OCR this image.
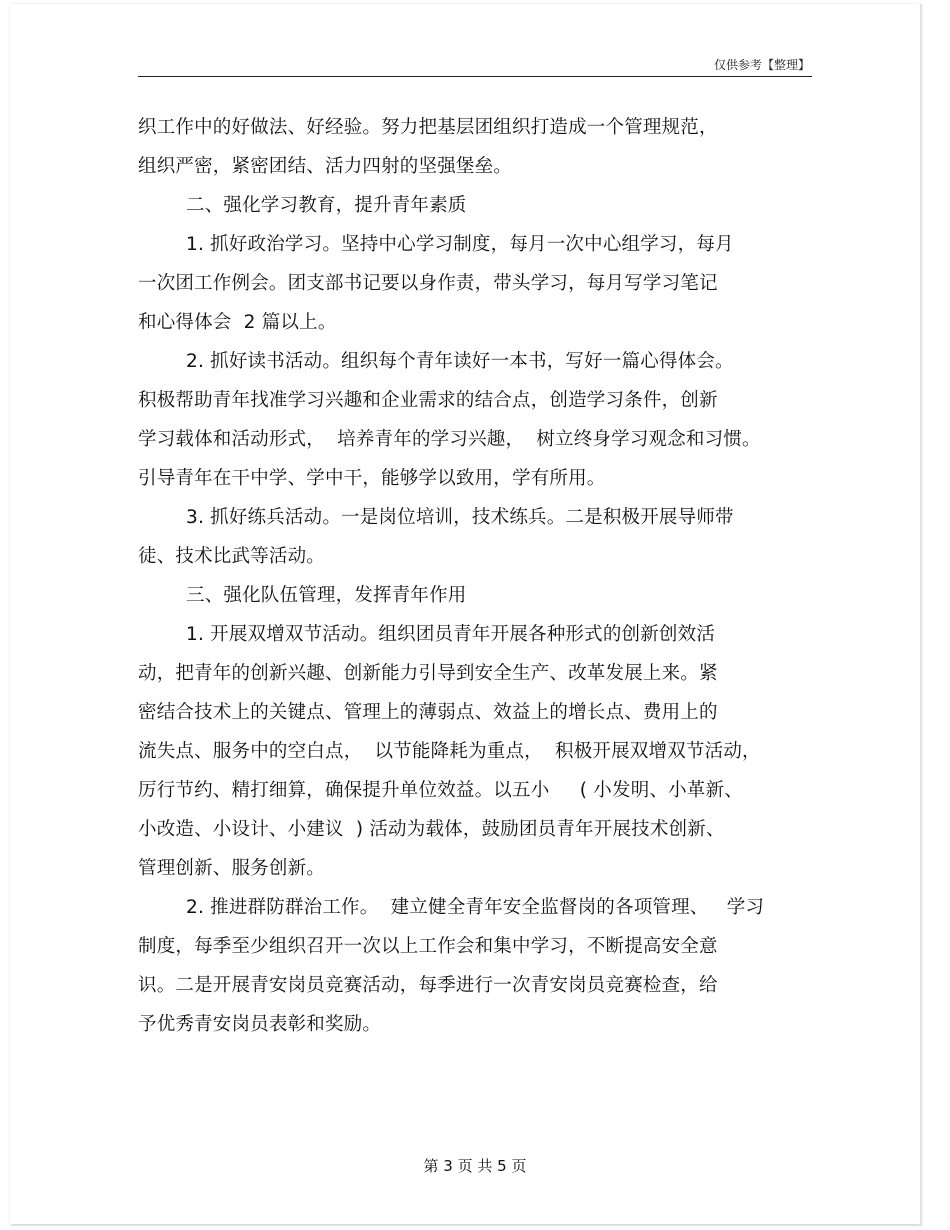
仅供参考【整理】
织工作中的好做法、好经验。努力把基层团组织打造成一个管理规范，
组织严密，紧密团结、活力四射的坚强堡垒。
二、强化学习教育，提升青年素质
1. 抓好政治学习。坚持中心学习制度，每月一次中心组学习，每月
一次团工作例会。团支部书记要以身作责，带头学习，每月写学习笔记
和心得体会  2 篇以上。
2. 抓好读书活动。组织每个青年读好一本书，写好一篇心得体会。
积极帮助青年找准学习兴趣和企业需求的结合点，创造学习条件，创新
学习载体和活动形式，  培养青年的学习兴趣，  树立终身学习观念和习惯。
引导青年在干中学、学中干，能够学以致用，学有所用。
3. 抓好练兵活动。一是岗位培训，技术练兵。二是积极开展导师带
徒、技术比武等活动。
三、强化队伍管理，发挥青年作用
1. 开展双增双节活动。组织团员青年开展各种形式的创新创效活
动，把青年的创新兴趣、创新能力引导到安全生产、改革发展上来。紧
密结合技术上的关键点、管理上的薄弱点、效益上的增长点、费用上的
流失点、服务中的空白点，  以节能降耗为重点，  积极开展双增双节活动，
厉行节约、精打细算，确保提升单位效益。以五小     ( 小发明、小革新、
小改造、小设计、小建议  ) 活动为载体，鼓励团员青年开展技术创新、
管理创新、服务创新。
2. 推进群防群治工作。  建立健全青年安全监督岗的各项管理、   学习
制度，每季至少组织召开一次以上工作会和集中学习，不断提高安全意
识。二是开展青安岗员竞赛活动，每季进行一次青安岗员竞赛检查，给
予优秀青安岗员表彰和奖励。
第 3 页 共 5 页
